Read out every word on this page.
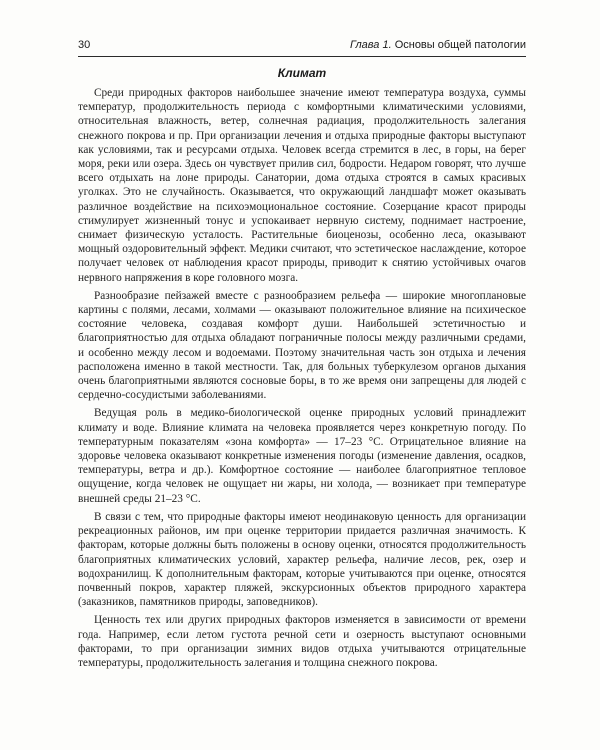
30	Глава 1. Основы общей патологии
Климат

Среди природных факторов наибольшее значение имеют температура воздуха, суммы температур, продолжительность периода с комфортными климатическими условиями, относительная влажность, ветер, солнечная радиация, продолжительность залегания снежного покрова и пр. При организации лечения и отдыха природные факторы выступают как условиями, так и ресурсами отдыха. Человек всегда стремится в лес, в горы, на берег моря, реки или озера. Здесь он чувствует прилив сил, бодрости. Недаром говорят, что лучше всего отдыхать на лоне природы. Санатории, дома отдыха строятся в самых красивых уголках. Это не случайность. Оказывается, что окружающий ландшафт может оказывать различное воздействие на психоэмоциональное состояние. Созерцание красот природы стимулирует жизненный тонус и успокаивает нервную систему, поднимает настроение, снимает физическую усталость. Растительные биоценозы, особенно леса, оказывают мощный оздоровительный эффект. Медики считают, что эстетическое наслаждение, которое получает человек от наблюдения красот природы, приводит к снятию устойчивых очагов нервного напряжения в коре головного мозга.

Разнообразие пейзажей вместе с разнообразием рельефа — широкие многоплановые картины с полями, лесами, холмами — оказывают положительное влияние на психическое состояние человека, создавая комфорт души. Наибольшей эстетичностью и благоприятностью для отдыха обладают пограничные полосы между различными средами, и особенно между лесом и водоемами. Поэтому значительная часть зон отдыха и лечения расположена именно в такой местности. Так, для больных туберкулезом органов дыхания очень благоприятными являются сосновые боры, в то же время они запрещены для людей с сердечно-сосудистыми заболеваниями.

Ведущая роль в медико-биологической оценке природных условий принадлежит климату и воде. Влияние климата на человека проявляется через конкретную погоду. По температурным показателям «зона комфорта» — 17–23 °С. Отрицательное влияние на здоровье человека оказывают конкретные изменения погоды (изменение давления, осадков, температуры, ветра и др.). Комфортное состояние — наиболее благоприятное тепловое ощущение, когда человек не ощущает ни жары, ни холода, — возникает при температуре внешней среды 21–23 °С.

В связи с тем, что природные факторы имеют неодинаковую ценность для организации рекреационных районов, им при оценке территории придается различная значимость. К факторам, которые должны быть положены в основу оценки, относятся продолжительность благоприятных климатических условий, характер рельефа, наличие лесов, рек, озер и водохранилищ. К дополнительным факторам, которые учитываются при оценке, относятся почвенный покров, характер пляжей, экскурсионных объектов природного характера (заказников, памятников природы, заповедников).

Ценность тех или других природных факторов изменяется в зависимости от времени года. Например, если летом густота речной сети и озерность выступают основными факторами, то при организации зимних видов отдыха учитываются отрицательные температуры, продолжительность залегания и толщина снежного покрова.
